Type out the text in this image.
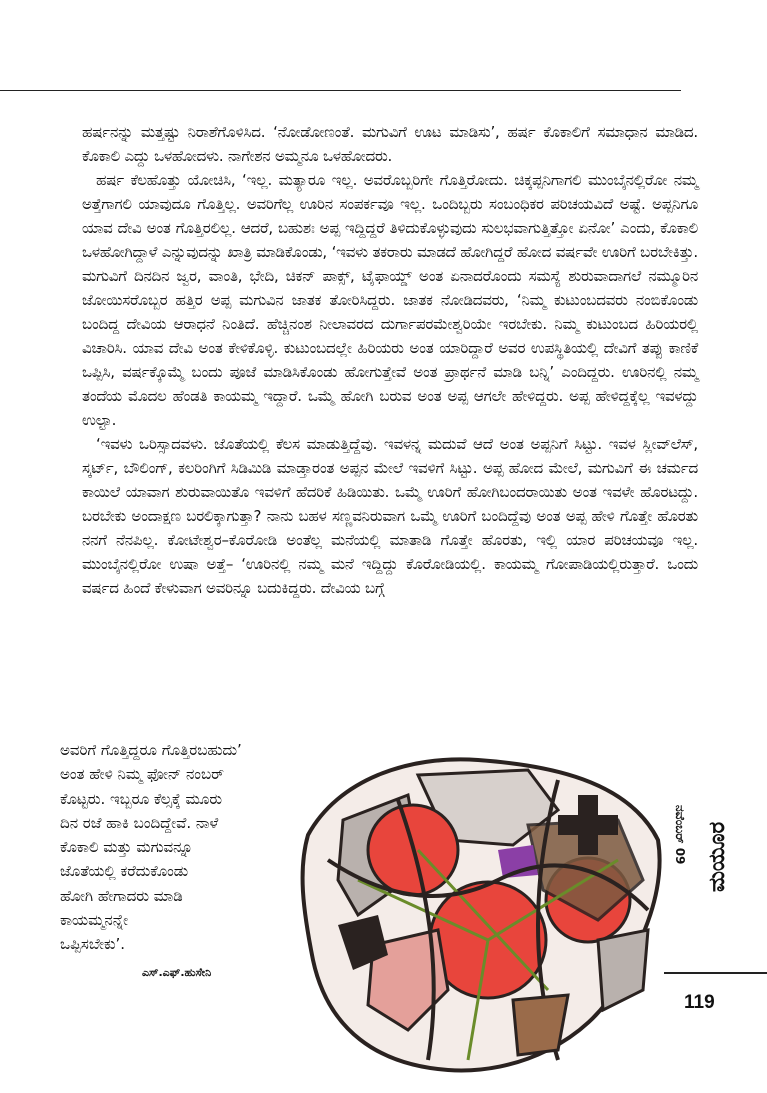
ಹರ್ಷನನ್ನು ಮತ್ತಷ್ಟು ನಿರಾಶೆಗೊಳಿಸಿದ. ‘ನೋಡೋಣಂತೆ. ಮಗುವಿಗೆ ಊಟ ಮಾಡಿಸು’, ಹರ್ಷ ಕೊಕಾಲಿಗೆ ಸಮಾಧಾನ ಮಾಡಿದ. ಕೊಕಾಲಿ ಎದ್ದು ಒಳಹೋದಳು. ನಾಗೇಶನ ಅಮ್ಮನೂ ಒಳಹೋದರು.

ಹರ್ಷ ಕೆಲಹೊತ್ತು ಯೋಚಿಸಿ, ‘ಇಲ್ಲ. ಮತ್ಯಾರೂ ಇಲ್ಲ. ಅವರೊಬ್ಬರಿಗೇ ಗೊತ್ತಿರೋದು. ಚಿಕ್ಕಪ್ಪನಿಗಾಗಲಿ ಮುಂಬೈನಲ್ಲಿರೋ ನಮ್ಮ ಅತ್ತೆಗಾಗಲಿ ಯಾವುದೂ ಗೊತ್ತಿಲ್ಲ. ಅವರಿಗೆಲ್ಲ ಊರಿನ ಸಂಪರ್ಕವೂ ಇಲ್ಲ. ಒಂದಿಬ್ಬರು ಸಂಬಂಧಿಕರ ಪರಿಚಯವಿದೆ ಅಷ್ಟೆ. ಅಪ್ಪನಿಗೂ ಯಾವ ದೇವಿ ಅಂತ ಗೊತ್ತಿರಲಿಲ್ಲ. ಆದರೆ, ಬಹುಶಃ ಅಪ್ಪ ಇದ್ದಿದ್ದರೆ ತಿಳಿದುಕೊಳ್ಳುವುದು ಸುಲಭವಾಗುತ್ತಿತ್ತೋ ಏನೋ’ ಎಂದು, ಕೊಕಾಲಿ ಒಳಹೋಗಿದ್ದಾಳೆ ಎನ್ನುವುದನ್ನು ಖಾತ್ರಿ ಮಾಡಿಕೊಂಡು, ‘ಇವಳು ತಕರಾರು ಮಾಡದೆ ಹೋಗಿದ್ದರೆ ಹೋದ ವರ್ಷವೇ ಊರಿಗೆ ಬರಬೇಕಿತ್ತು. ಮಗುವಿಗೆ ದಿನದಿನ ಜ್ವರ, ವಾಂತಿ, ಭೇದಿ, ಚಿಕನ್ ಪಾಕ್ಸ್, ಟೈಫಾಯ್ಡ್ ಅಂತ ಏನಾದರೊಂದು ಸಮಸ್ಯೆ ಶುರುವಾದಾಗಲೆ ನಮ್ಮೂರಿನ ಜೋಯಿಸರೊಬ್ಬರ ಹತ್ತಿರ ಅಪ್ಪ ಮಗುವಿನ ಜಾತಕ ತೋರಿಸಿದ್ದರು. ಜಾತಕ ನೋಡಿದವರು, ‘ನಿಮ್ಮ ಕುಟುಂಬದವರು ನಂಬಿಕೊಂಡು ಬಂದಿದ್ದ ದೇವಿಯ ಆರಾಧನೆ ನಿಂತಿದೆ. ಹೆಚ್ಚಿನಂಶ ನೀಲಾವರದ ದುರ್ಗಾಪರಮೇಶ್ವರಿಯೇ ಇರಬೇಕು. ನಿಮ್ಮ ಕುಟುಂಬದ ಹಿರಿಯರಲ್ಲಿ ವಿಚಾರಿಸಿ. ಯಾವ ದೇವಿ ಅಂತ ಕೇಳಿಕೊಳ್ಳಿ. ಕುಟುಂಬದಲ್ಲೇ ಹಿರಿಯರು ಅಂತ ಯಾರಿದ್ದಾರೆ ಅವರ ಉಪಸ್ಥಿತಿಯಲ್ಲಿ ದೇವಿಗೆ ತಪ್ಪು ಕಾಣಿಕೆ ಒಪ್ಪಿಸಿ, ವರ್ಷಕ್ಕೊಮ್ಮೆ ಬಂದು ಪೂಜೆ ಮಾಡಿಸಿಕೊಂಡು ಹೋಗುತ್ತೇವೆ ಅಂತ ಪ್ರಾರ್ಥನೆ ಮಾಡಿ ಬನ್ನಿ’ ಎಂದಿದ್ದರು. ಊರಿನಲ್ಲಿ ನಮ್ಮ ತಂದೆಯ ಮೊದಲ ಹೆಂಡತಿ ಕಾಯಮ್ಮ ಇದ್ದಾರೆ. ಒಮ್ಮೆ ಹೋಗಿ ಬರುವ ಅಂತ ಅಪ್ಪ ಆಗಲೇ ಹೇಳಿದ್ದರು. ಅಪ್ಪ ಹೇಳಿದ್ದಕ್ಕೆಲ್ಲ ಇವಳದ್ದು ಉಲ್ಟಾ.

‘ಇವಳು ಒರಿಸ್ಸಾದವಳು. ಜೊತೆಯಲ್ಲಿ ಕೆಲಸ ಮಾಡುತ್ತಿದ್ದೆವು. ಇವಳನ್ನ ಮದುವೆ ಆದೆ ಅಂತ ಅಪ್ಪನಿಗೆ ಸಿಟ್ಟು. ಇವಳ ಸ್ಲೀವ್‌ಲೆಸ್, ಸ್ಕರ್ಟ್, ಬೌಲಿಂಗ್, ಕಲರಿಂಗಿಗೆ ಸಿಡಿಮಿಡಿ ಮಾಡ್ತಾರಂತ ಅಪ್ಪನ ಮೇಲೆ ಇವಳಿಗೆ ಸಿಟ್ಟು. ಅಪ್ಪ ಹೋದ ಮೇಲೆ, ಮಗುವಿಗೆ ಈ ಚರ್ಮದ ಕಾಯಿಲೆ ಯಾವಾಗ ಶುರುವಾಯಿತೊ ಇವಳಿಗೆ ಹೆದರಿಕೆ ಹಿಡಿಯಿತು. ಒಮ್ಮೆ ಊರಿಗೆ ಹೋಗಿಬಂದರಾಯಿತು ಅಂತ ಇವಳೇ ಹೊರಟದ್ದು. ಬರಬೇಕು ಅಂದಾಕ್ಷಣ ಬರಲಿಕ್ಕಾಗುತ್ತಾ? ನಾನು ಬಹಳ ಸಣ್ಣವನಿರುವಾಗ ಒಮ್ಮೆ ಊರಿಗೆ ಬಂದಿದ್ದೆವು ಅಂತ ಅಪ್ಪ ಹೇಳಿ ಗೊತ್ತೇ ಹೊರತು ನನಗೆ ನೆನಪಿಲ್ಲ. ಕೋಟೇಶ್ವರ–ಕೊರೋಡಿ ಅಂತೆಲ್ಲ ಮನೆಯಲ್ಲಿ ಮಾತಾಡಿ ಗೊತ್ತೇ ಹೊರತು, ಇಲ್ಲಿ ಯಾರ ಪರಿಚಯವೂ ಇಲ್ಲ. ಮುಂಬೈನಲ್ಲಿರೋ ಉಷಾ ಅತ್ತೆ– ‘ಊರಿನಲ್ಲಿ ನಮ್ಮ ಮನೆ ಇದ್ದಿದ್ದು ಕೊರೋಡಿಯಲ್ಲಿ. ಕಾಯಮ್ಮ ಗೋಪಾಡಿಯಲ್ಲಿರುತ್ತಾರೆ. ಒಂದು ವರ್ಷದ ಹಿಂದೆ ಕೇಳುವಾಗ ಅವರಿನ್ನೂ ಬದುಕಿದ್ದರು. ದೇವಿಯ ಬಗ್ಗೆ

ಅವರಿಗೆ ಗೊತ್ತಿದ್ದರೂ ಗೊತ್ತಿರಬಹುದು’
ಅಂತ ಹೇಳಿ ನಿಮ್ಮ ಫೋನ್ ನಂಬರ್
ಕೊಟ್ಟರು. ಇಬ್ಬರೂ ಕೆಲ್ಸಕ್ಕೆ ಮೂರು
ದಿನ ರಜೆ ಹಾಕಿ ಬಂದಿದ್ದೇವೆ. ನಾಳೆ
ಕೊಕಾಲಿ ಮತ್ತು ಮಗುವನ್ನೂ
ಜೊತೆಯಲ್ಲಿ ಕರೆದುಕೊಂಡು
ಹೋಗಿ ಹೇಗಾದರು ಮಾಡಿ
ಕಾಯಮ್ಮನನ್ನೇ
ಒಪ್ಪಿಸಬೇಕು’.
ಎಸ್.ಎಫ್.ಹುಸೇನಿ
ನವೆಂಬರ್ 09 ಮಯೂರ
119
